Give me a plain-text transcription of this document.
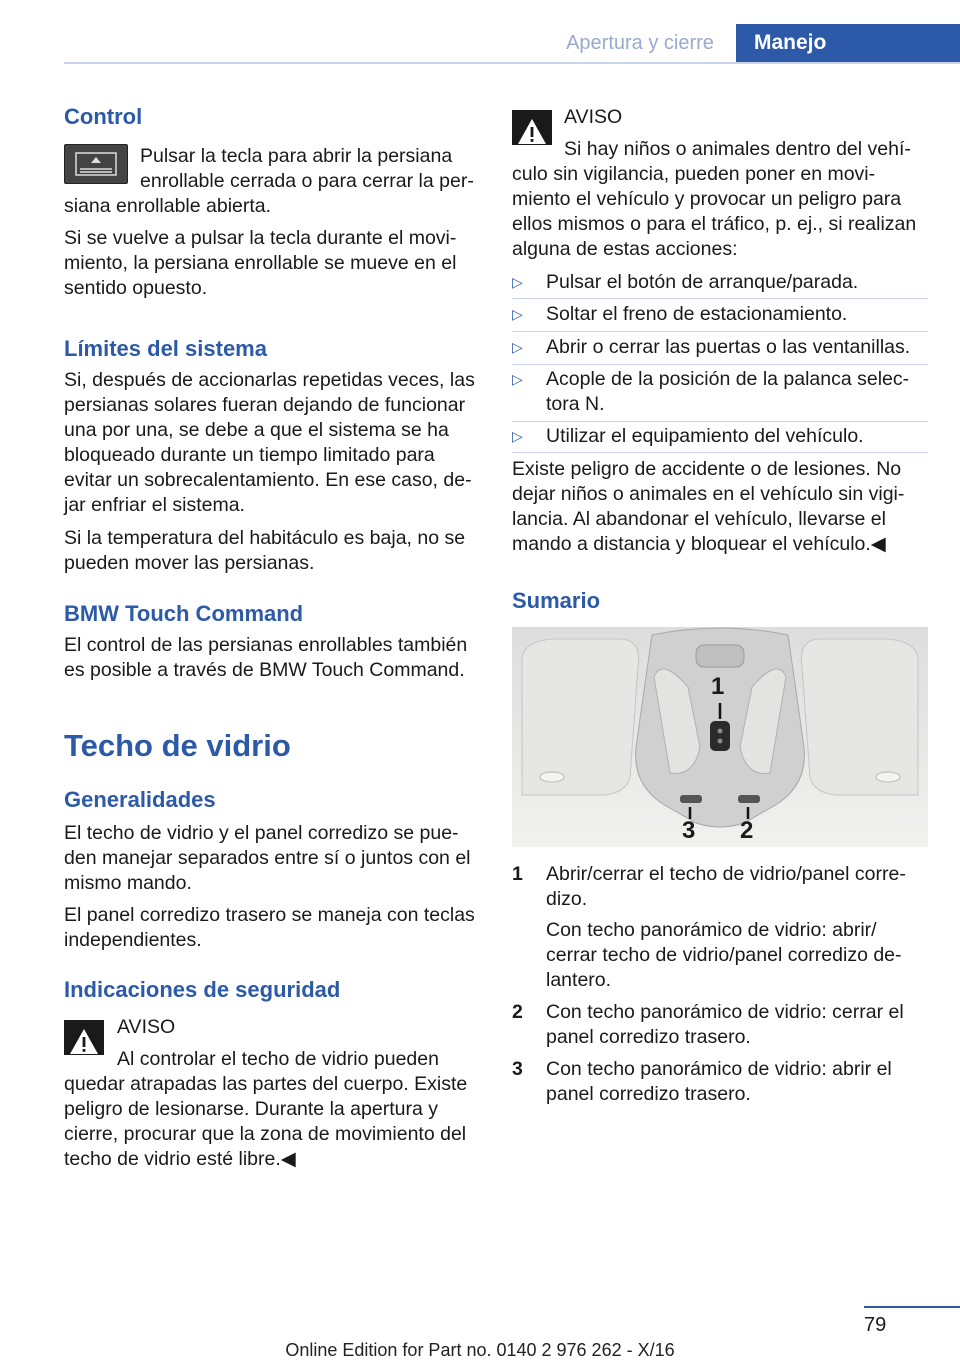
Apertura y cierre	Manejo
Control

Pulsar la tecla para abrir la persiana

enrollable cerrada o para cerrar la per‐

siana enrollable abierta.

Si se vuelve a pulsar la tecla durante el movi‐
miento, la persiana enrollable se mueve en el
sentido opuesto.

Límites del sistema

Si, después de accionarlas repetidas veces, las
persianas solares fueran dejando de funcionar
una por una, se debe a que el sistema se ha
bloqueado durante un tiempo limitado para
evitar un sobrecalentamiento. En ese caso, de‐
jar enfriar el sistema.

Si la temperatura del habitáculo es baja, no se
pueden mover las persianas.

BMW Touch Command

El control de las persianas enrollables también
es posible a través de BMW Touch Command.

Techo de vidrio
Generalidades

El techo de vidrio y el panel corredizo se pue‐
den manejar separados entre sí o juntos con el
mismo mando.

El panel corredizo trasero se maneja con teclas
independientes.

Indicaciones de seguridad

AVISO

Al controlar el techo de vidrio pueden

quedar atrapadas las partes del cuerpo. Existe
peligro de lesionarse. Durante la apertura y
cierre, procurar que la zona de movimiento del
techo de vidrio esté libre.◀

AVISO

Si hay niños o animales dentro del vehí‐

culo sin vigilancia, pueden poner en movi‐
miento el vehículo y provocar un peligro para
ellos mismos o para el tráfico, p. ej., si realizan
alguna de estas acciones:

▷ Pulsar el botón de arranque/parada.
▷ Soltar el freno de estacionamiento.
▷ Abrir o cerrar las puertas o las ventanillas.
▷ Acople de la posición de la palanca selec‐
tora N.
▷ Utilizar el equipamiento del vehículo.

Existe peligro de accidente o de lesiones. No
dejar niños o animales en el vehículo sin vigi‐
lancia. Al abandonar el vehículo, llevarse el
mando a distancia y bloquear el vehículo.◀

Sumario
1
3 2
1 Abrir/cerrar el techo de vidrio/panel corre‐
dizo.
Con techo panorámico de vidrio: abrir/
cerrar techo de vidrio/panel corredizo de‐
lantero.
2 Con techo panorámico de vidrio: cerrar el
panel corredizo trasero.
3 Con techo panorámico de vidrio: abrir el
panel corredizo trasero.
79
Online Edition for Part no. 0140 2 976 262 - X/16
